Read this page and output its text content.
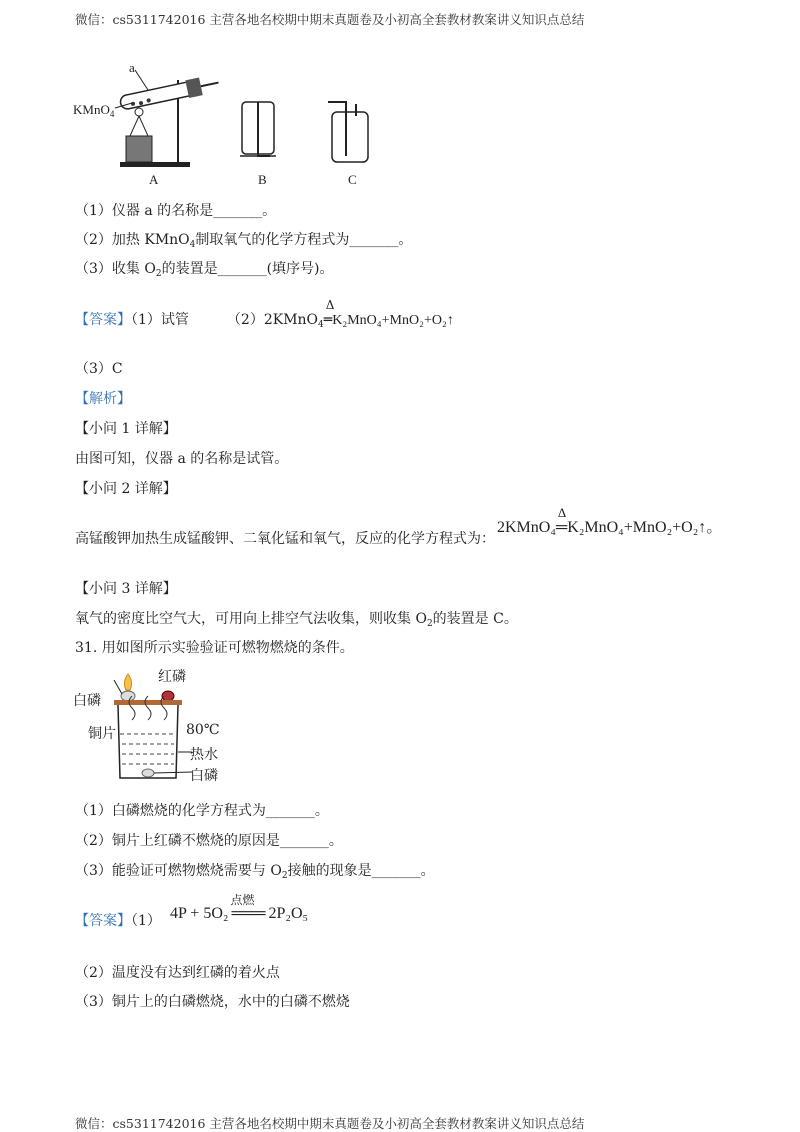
微信：cs5311742016 主营各地名校期中期末真题卷及小初高全套教材教案讲义知识点总结
a
KMnO$_4$
A	B	C
（1）仪器 a 的名称是_______。
（2）加热 KMnO$_4$制取氧气的化学方程式为_______。
（3）收集 $O_2$的装置是_______(填序号)。
【答案】（1）试管	（2）2KMnO$_4$
Δ
═K₂MnO₄+MnO₂+O₂↑
（3）C
【解析】
【小问 1 详解】
由图可知，仪器 a 的名称是试管。
【小问 2 详解】
高锰酸钾加热生成锰酸钾、二氧化锰和氧气，反应的化学方程式为：
2KMnO₄
Δ
═K₂MnO₄+MnO₂+O₂↑。
【小问 3 详解】
氧气的密度比空气大，可用向上排空气法收集，则收集 $O_2$的装置是 C。
31. 用如图所示实验验证可燃物燃烧的条件。
红磷
白磷
铜片	80℃
热水
白磷
（1）白磷燃烧的化学方程式为_______。
（2）铜片上红磷不燃烧的原因是_______。
（3）能验证可燃物燃烧需要与 $O_2$接触的现象是_______。
【答案】（1） 4P + 5O₂
点燃
═══ 2P₂O₅
（2）温度没有达到红磷的着火点
（3）铜片上的白磷燃烧，水中的白磷不燃烧
微信：cs5311742016 主营各地名校期中期末真题卷及小初高全套教材教案讲义知识点总结
